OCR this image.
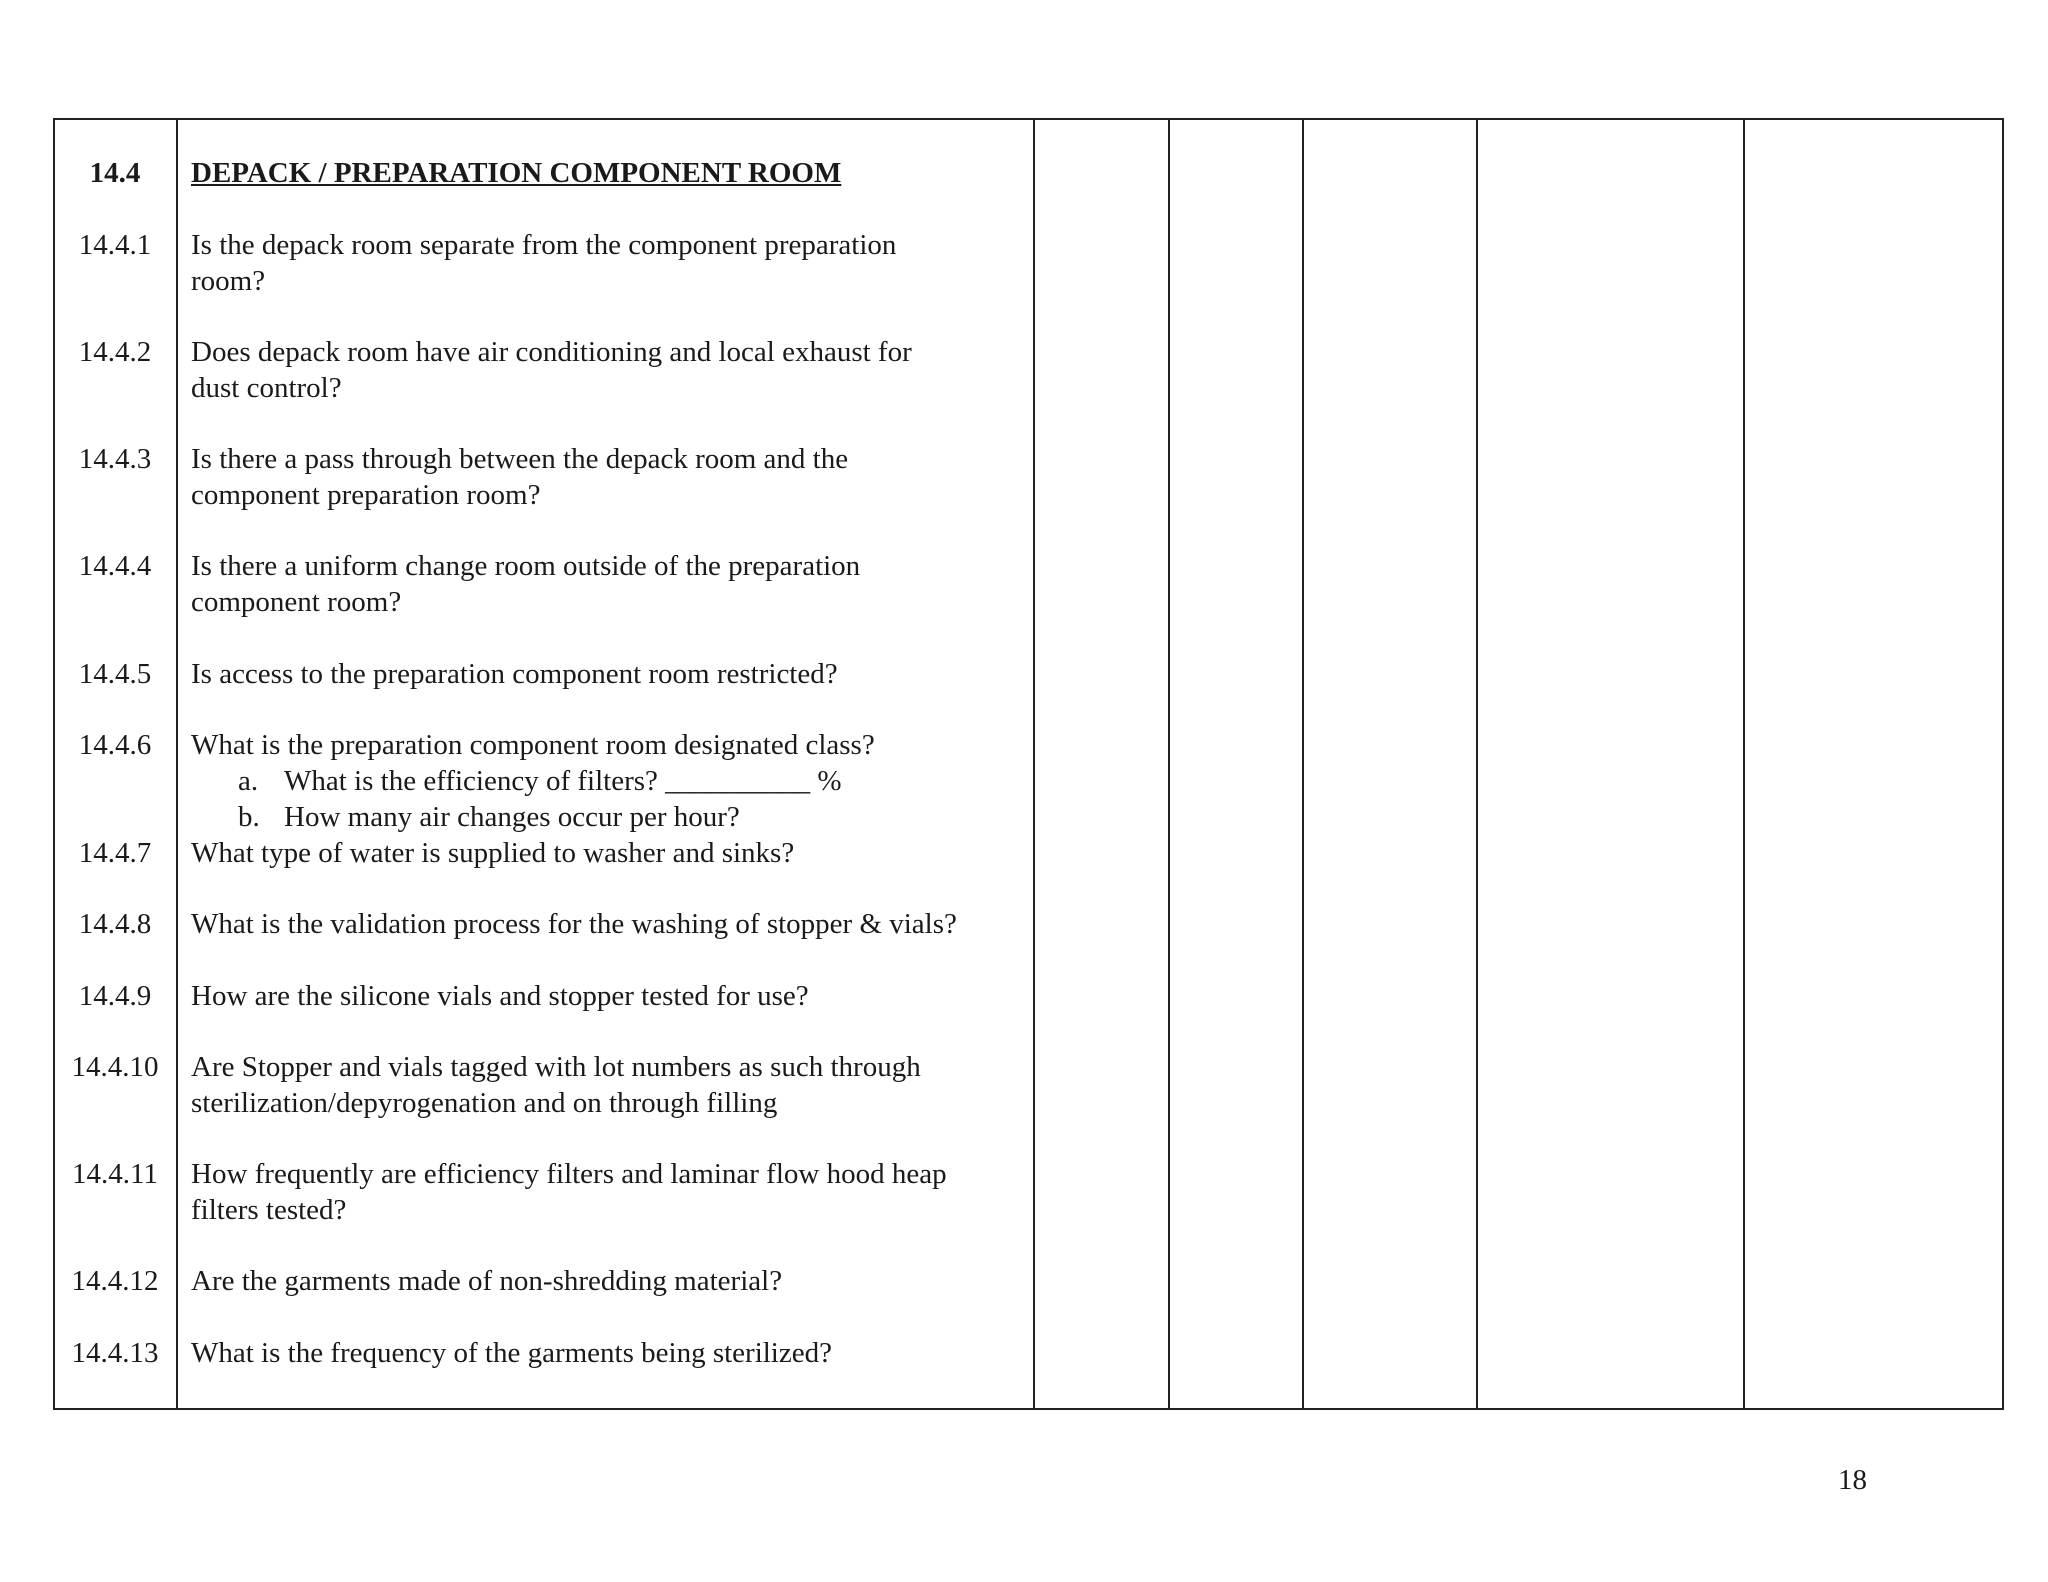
14.4	DEPACK / PREPARATION COMPONENT ROOM
14.4.1	Is the depack room separate from the component preparation
room?
14.4.2	Does depack room have air conditioning and local exhaust for
dust control?
14.4.3	Is there a pass through between the depack room and the
component preparation room?
14.4.4	Is there a uniform change room outside of the preparation
component room?
14.4.5	Is access to the preparation component room restricted?
14.4.6	What is the preparation component room designated class?
a. What is the efficiency of filters? __________ %
b. How many air changes occur per hour?
14.4.7	What type of water is supplied to washer and sinks?
14.4.8	What is the validation process for the washing of stopper & vials?
14.4.9	How are the silicone vials and stopper tested for use?
14.4.10	Are Stopper and vials tagged with lot numbers as such through
sterilization/depyrogenation and on through filling
14.4.11	How frequently are efficiency filters and laminar flow hood heap
filters tested?
14.4.12	Are the garments made of non-shredding material?
14.4.13	What is the frequency of the garments being sterilized?
18
